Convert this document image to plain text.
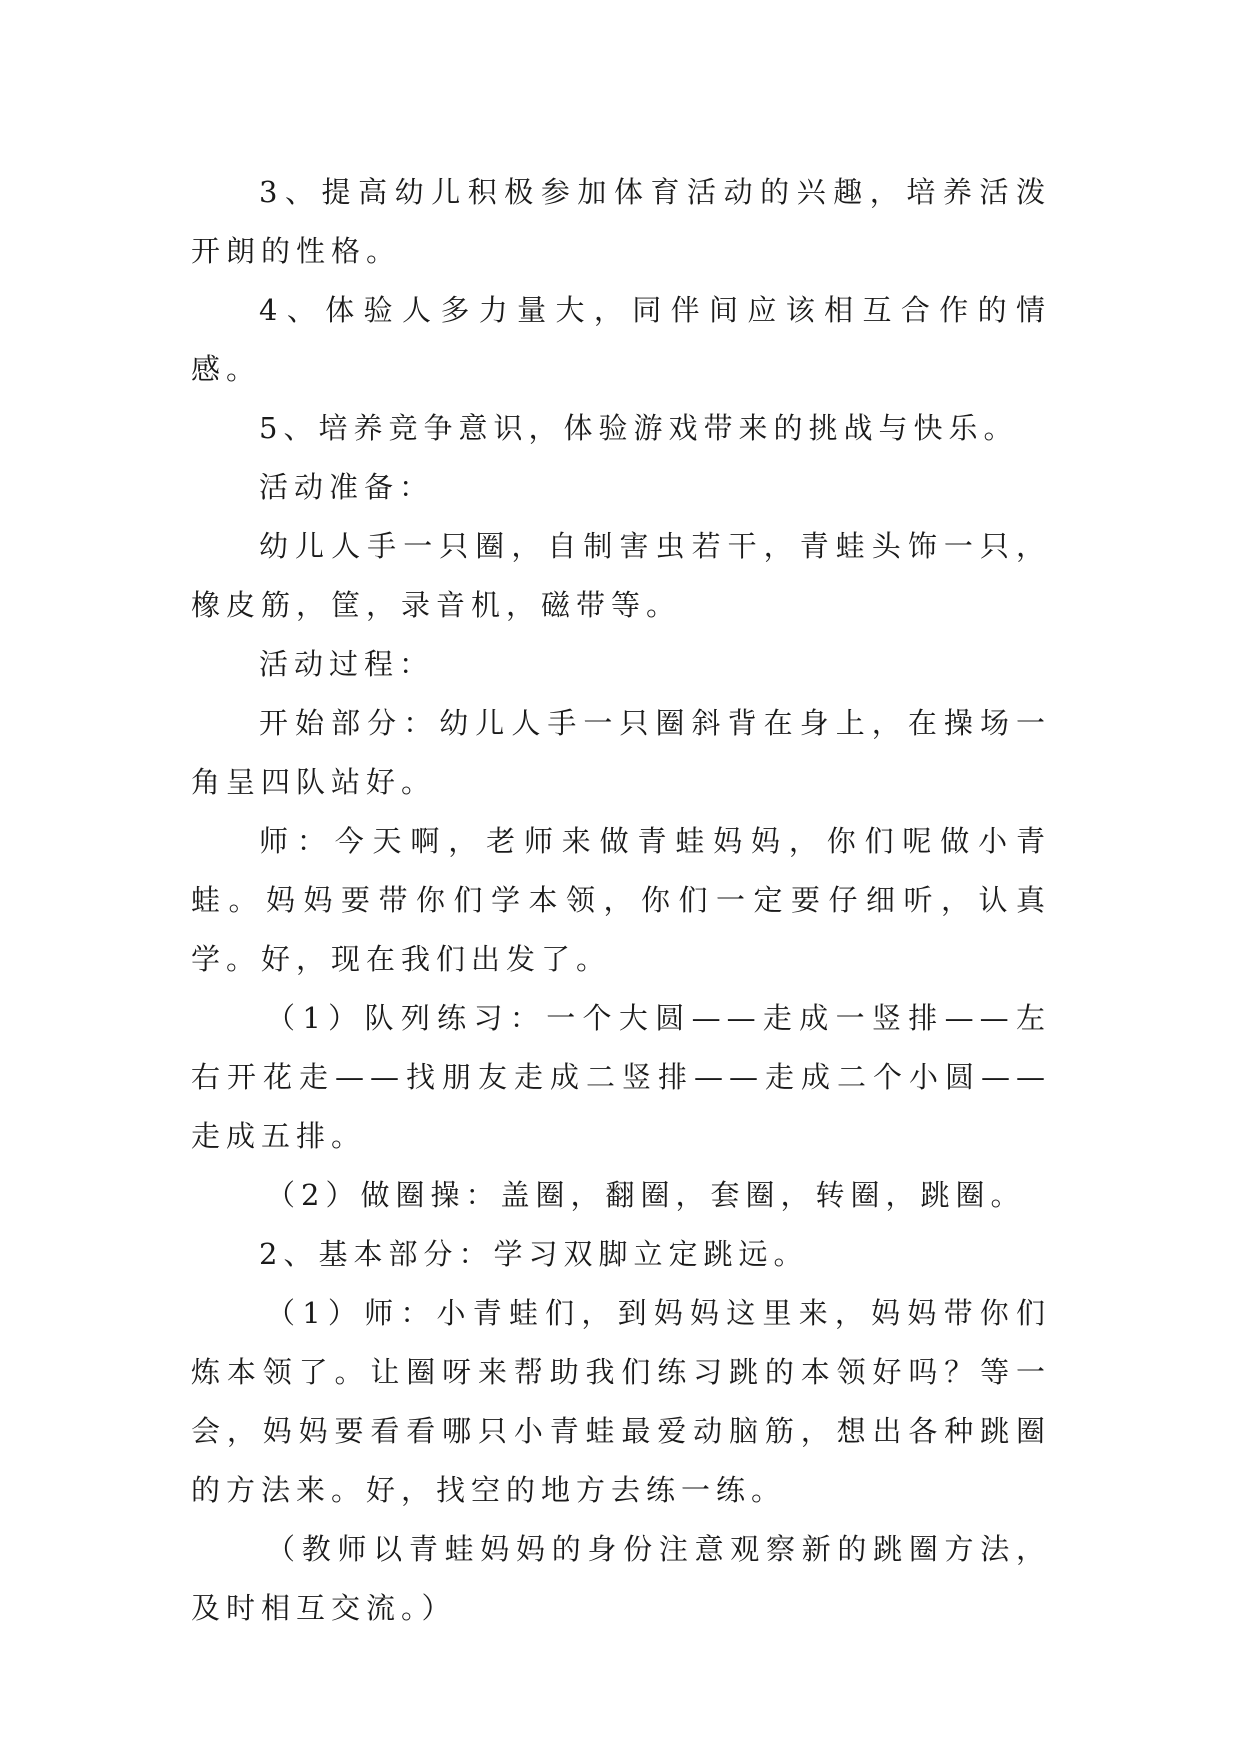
3、提高幼儿积极参加体育活动的兴趣，培养活泼开朗的性格。

4、体验人多力量大，同伴间应该相互合作的情感。

5、培养竞争意识，体验游戏带来的挑战与快乐。

活动准备：

幼儿人手一只圈，自制害虫若干，青蛙头饰一只，橡皮筋，筐，录音机，磁带等。

活动过程：

开始部分：幼儿人手一只圈斜背在身上，在操场一角呈四队站好。

师：今天啊，老师来做青蛙妈妈，你们呢做小青蛙。妈妈要带你们学本领，你们一定要仔细听，认真学。好，现在我们出发了。

（1）队列练习：一个大圆——走成一竖排——左右开花走——找朋友走成二竖排——走成二个小圆——走成五排。

（2）做圈操：盖圈，翻圈，套圈，转圈，跳圈。

2、基本部分：学习双脚立定跳远。

（1）师：小青蛙们，到妈妈这里来，妈妈带你们炼本领了。让圈呀来帮助我们练习跳的本领好吗？等一会，妈妈要看看哪只小青蛙最爱动脑筋，想出各种跳圈的方法来。好，找空的地方去练一练。

（教师以青蛙妈妈的身份注意观察新的跳圈方法，及时相互交流。）
